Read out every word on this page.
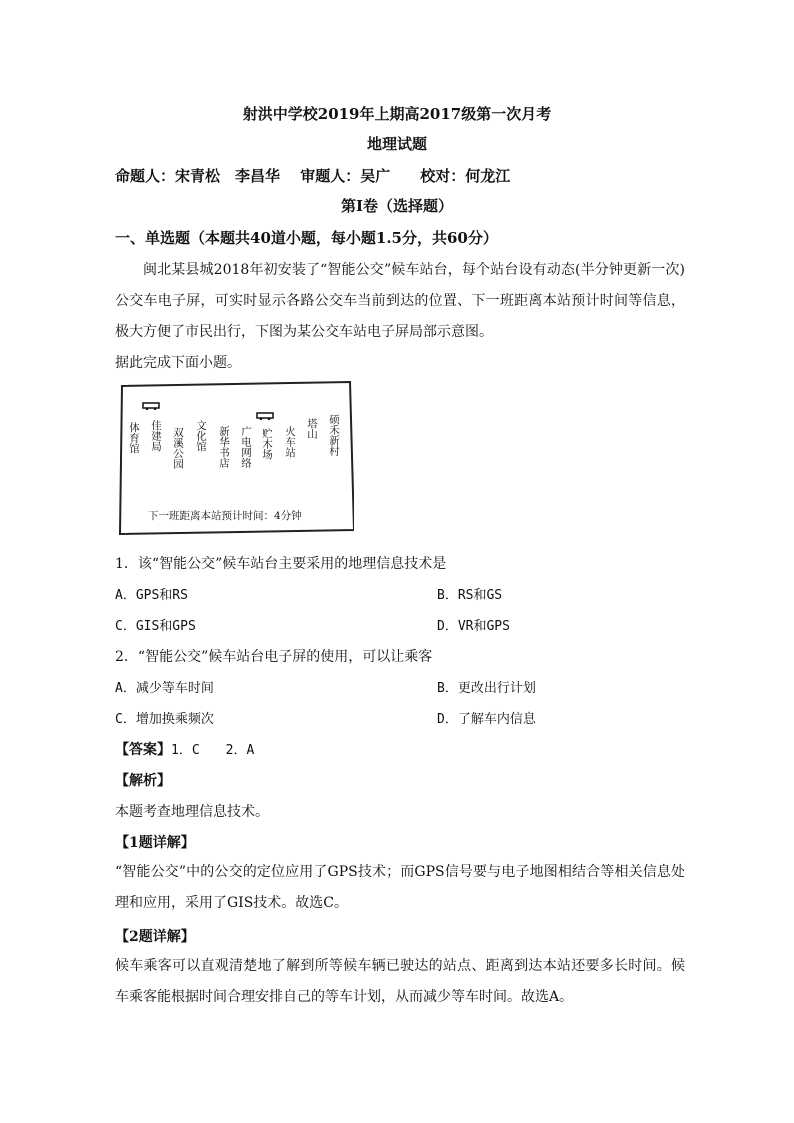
射洪中学校2019年上期高2017级第一次月考
地理试题
命题人：宋青松　李昌华　 审题人：吴广　　校对：何龙江
第Ⅰ卷（选择题）
一、单选题（本题共40道小题，每小题1.5分，共60分）
闽北某县城2018年初安装了“智能公交”候车站台，每个站台设有动态(半分钟更新一次)公交车电子屏，可实时显示各路公交车当前到达的位置、下一班距离本站预计时间等信息，极大方便了市民出行，下图为某公交车站电子屏局部示意图。
据此完成下面小题。
体育馆 佳建局 双溪公园 文化馆 新华书店 广电网络 贮木场 火车站 塔山 硕禾新村
下一班距离本站预计时间：4分钟
1．该“智能公交”候车站台主要采用的地理信息技术是
A．GPS和RS	B．RS和GS
C．GIS和GPS	D．VR和GPS
2．“智能公交”候车站台电子屏的使用，可以让乘客
A．减少等车时间	B．更改出行计划
C．增加换乘频次	D．了解车内信息
【答案】1．C　　2．A
【解析】
本题考查地理信息技术。
【1题详解】
“智能公交”中的公交的定位应用了GPS技术；而GPS信号要与电子地图相结合等相关信息处理和应用，采用了GIS技术。故选C。
【2题详解】
候车乘客可以直观清楚地了解到所等候车辆已驶达的站点、距离到达本站还要多长时间。候车乘客能根据时间合理安排自己的等车计划，从而减少等车时间。故选A。
